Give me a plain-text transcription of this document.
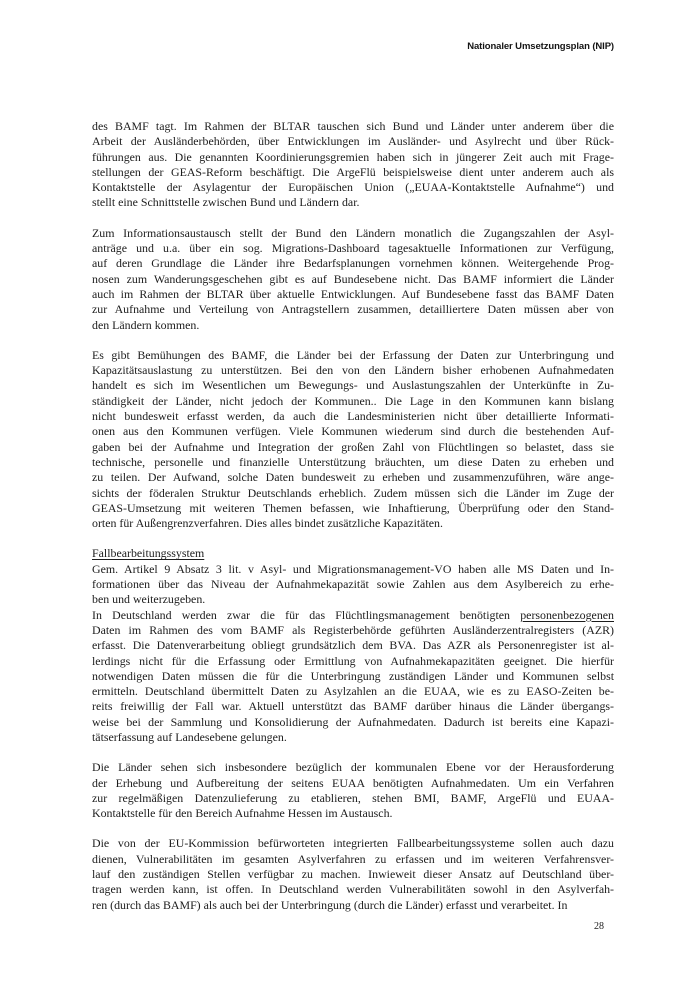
Nationaler Umsetzungsplan (NIP)
des BAMF tagt. Im Rahmen der BLTAR tauschen sich Bund und Länder unter anderem über die
Arbeit der Ausländerbehörden, über Entwicklungen im Ausländer- und Asylrecht und über Rück-
führungen aus. Die genannten Koordinierungsgremien haben sich in jüngerer Zeit auch mit Frage-
stellungen der GEAS-Reform beschäftigt. Die ArgeFlü beispielsweise dient unter anderem auch als
Kontaktstelle der Asylagentur der Europäischen Union („EUAA-Kontaktstelle Aufnahme“) und
stellt eine Schnittstelle zwischen Bund und Ländern dar.
Zum Informationsaustausch stellt der Bund den Ländern monatlich die Zugangszahlen der Asyl-
anträge und u.a. über ein sog. Migrations-Dashboard tagesaktuelle Informationen zur Verfügung,
auf deren Grundlage die Länder ihre Bedarfsplanungen vornehmen können. Weitergehende Prog-
nosen zum Wanderungsgeschehen gibt es auf Bundesebene nicht. Das BAMF informiert die Länder
auch im Rahmen der BLTAR über aktuelle Entwicklungen. Auf Bundesebene fasst das BAMF Daten
zur Aufnahme und Verteilung von Antragstellern zusammen, detailliertere Daten müssen aber von
den Ländern kommen.
Es gibt Bemühungen des BAMF, die Länder bei der Erfassung der Daten zur Unterbringung und
Kapazitätsauslastung zu unterstützen. Bei den von den Ländern bisher erhobenen Aufnahmedaten
handelt es sich im Wesentlichen um Bewegungs- und Auslastungszahlen der Unterkünfte in Zu-
ständigkeit der Länder, nicht jedoch der Kommunen.. Die Lage in den Kommunen kann bislang
nicht bundesweit erfasst werden, da auch die Landesministerien nicht über detaillierte Informati-
onen aus den Kommunen verfügen. Viele Kommunen wiederum sind durch die bestehenden Auf-
gaben bei der Aufnahme und Integration der großen Zahl von Flüchtlingen so belastet, dass sie
technische, personelle und finanzielle Unterstützung bräuchten, um diese Daten zu erheben und
zu teilen. Der Aufwand, solche Daten bundesweit zu erheben und zusammenzuführen, wäre ange-
sichts der föderalen Struktur Deutschlands erheblich. Zudem müssen sich die Länder im Zuge der
GEAS-Umsetzung mit weiteren Themen befassen, wie Inhaftierung, Überprüfung oder den Stand-
orten für Außengrenzverfahren. Dies alles bindet zusätzliche Kapazitäten.
Fallbearbeitungssystem
Gem. Artikel 9 Absatz 3 lit. v Asyl- und Migrationsmanagement-VO haben alle MS Daten und In-
formationen über das Niveau der Aufnahmekapazität sowie Zahlen aus dem Asylbereich zu erhe-
ben und weiterzugeben.
In Deutschland werden zwar die für das Flüchtlingsmanagement benötigten personenbezogenen
Daten im Rahmen des vom BAMF als Registerbehörde geführten Ausländerzentralregisters (AZR)
erfasst. Die Datenverarbeitung obliegt grundsätzlich dem BVA. Das AZR als Personenregister ist al-
lerdings nicht für die Erfassung oder Ermittlung von Aufnahmekapazitäten geeignet. Die hierfür
notwendigen Daten müssen die für die Unterbringung zuständigen Länder und Kommunen selbst
ermitteln. Deutschland übermittelt Daten zu Asylzahlen an die EUAA, wie es zu EASO-Zeiten be-
reits freiwillig der Fall war. Aktuell unterstützt das BAMF darüber hinaus die Länder übergangs-
weise bei der Sammlung und Konsolidierung der Aufnahmedaten. Dadurch ist bereits eine Kapazi-
tätserfassung auf Landesebene gelungen.
Die Länder sehen sich insbesondere bezüglich der kommunalen Ebene vor der Herausforderung
der Erhebung und Aufbereitung der seitens EUAA benötigten Aufnahmedaten. Um ein Verfahren
zur regelmäßigen Datenzulieferung zu etablieren, stehen BMI, BAMF, ArgeFlü und EUAA-
Kontaktstelle für den Bereich Aufnahme Hessen im Austausch.
Die von der EU-Kommission befürworteten integrierten Fallbearbeitungssysteme sollen auch dazu
dienen, Vulnerabilitäten im gesamten Asylverfahren zu erfassen und im weiteren Verfahrensver-
lauf den zuständigen Stellen verfügbar zu machen. Inwieweit dieser Ansatz auf Deutschland über-
tragen werden kann, ist offen. In Deutschland werden Vulnerabilitäten sowohl in den Asylverfah-
ren (durch das BAMF) als auch bei der Unterbringung (durch die Länder) erfasst und verarbeitet. In
28
